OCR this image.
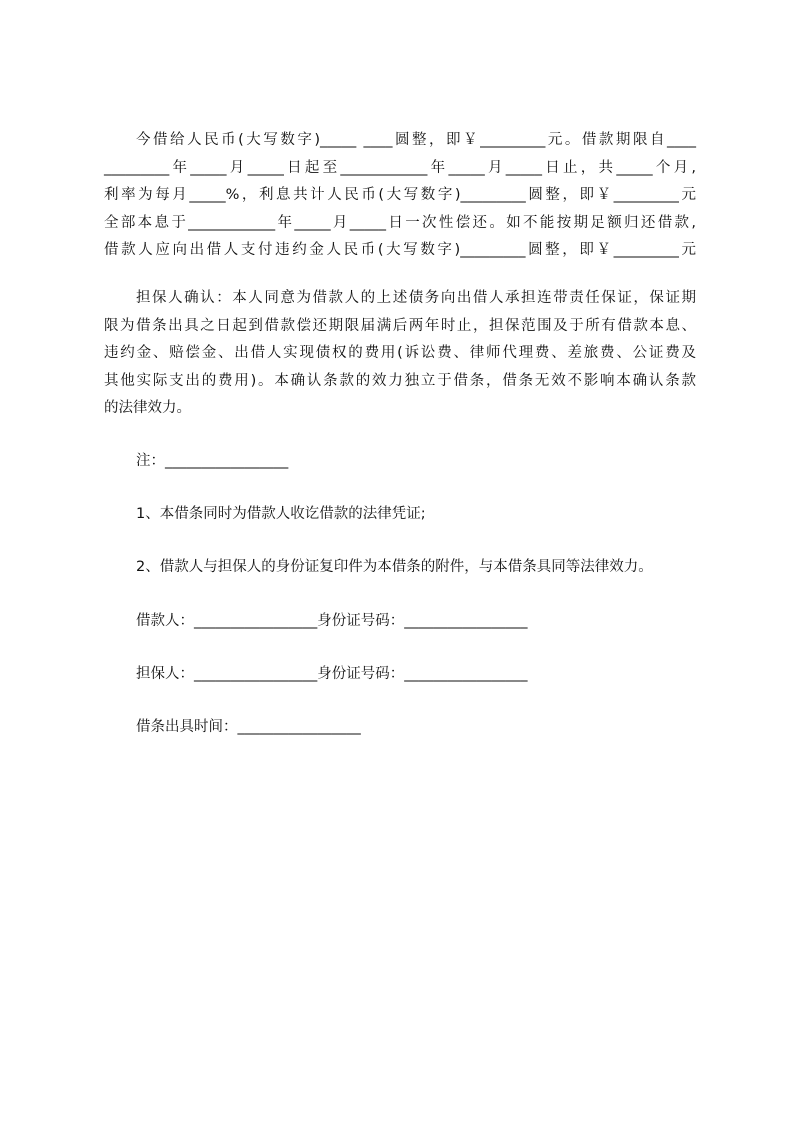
今借给人民币(大写数字)_____ ____圆整，即￥_________元。借款期限自____
_________年_____月_____日起至____________年_____月_____日止，共_____个月,
利率为每月_____%，利息共计人民币(大写数字)_________圆整，即￥_________元
全部本息于____________年_____月_____日一次性偿还。如不能按期足额归还借款,
借款人应向出借人支付违约金人民币(大写数字)_________圆整，即￥_________元
担保人确认：本人同意为借款人的上述债务向出借人承担连带责任保证，保证期
限为借条出具之日起到借款偿还期限届满后两年时止，担保范围及于所有借款本息、
违约金、赔偿金、出借人实现债权的费用(诉讼费、律师代理费、差旅费、公证费及
其他实际支出的费用)。本确认条款的效力独立于借条，借条无效不影响本确认条款
的法律效力。
注：_________________
1、本借条同时为借款人收讫借款的法律凭证;
2、借款人与担保人的身份证复印件为本借条的附件，与本借条具同等法律效力。
借款人：_________________身份证号码：_________________
担保人：_________________身份证号码：_________________
借条出具时间：_________________
